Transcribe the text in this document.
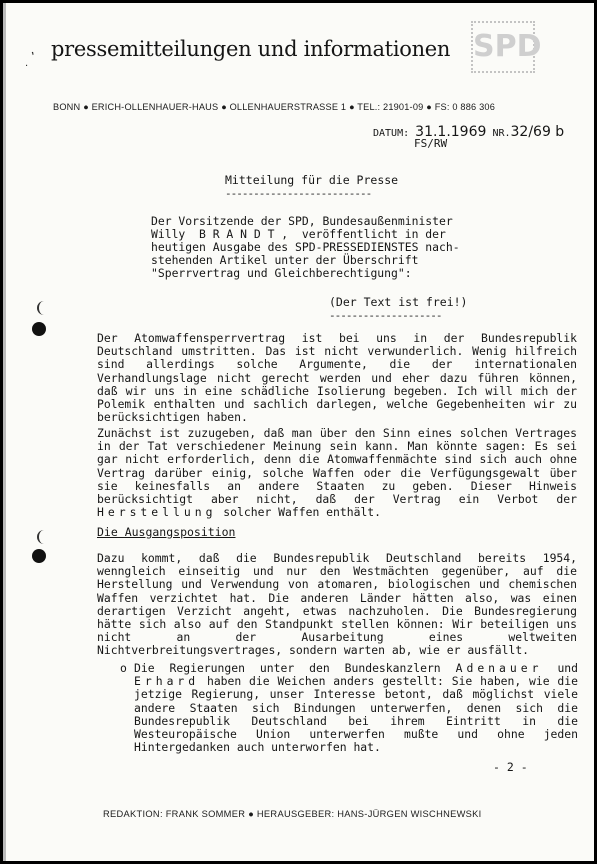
,
·
pressemitteilungen und informationen SPD
BONN ● ERICH-OLLENHAUER-HAUS ● OLLENHAUERSTRASSE 1 ● TEL.: 21901-09 ● FS: 0 886 306
DATUM: 31.1.1969 NR.32/69 b
FS/RW
Mitteilung für die Presse
--------------------------
Der Vorsitzende der SPD, Bundesaußenminister
Willy  B R A N D T ,  veröffentlicht in der
heutigen Ausgabe des SPD-PRESSEDIENSTES nach-
stehenden Artikel unter der Überschrift
"Sperrvertrag und Gleichberechtigung":
(Der Text ist frei!)
--------------------
Der Atomwaffensperrvertrag ist bei uns in der Bundesrepublik Deutschland umstritten. Das ist nicht verwunderlich. Wenig hilfreich sind allerdings solche Argumente, die der internationalen Verhandlungslage nicht gerecht werden und eher dazu führen können, daß wir uns in eine schädliche Isolierung begeben. Ich will mich der Polemik enthalten und sachlich darlegen, welche Gegebenheiten wir zu berücksichtigen haben.
Zunächst ist zuzugeben, daß man über den Sinn eines solchen Vertrages in der Tat verschiedener Meinung sein kann. Man könnte sagen: Es sei gar nicht erforderlich, denn die Atomwaffenmächte sind sich auch ohne Vertrag darüber einig, solche Waffen oder die Verfügungsgewalt über sie keinesfalls an andere Staaten zu geben. Dieser Hinweis berücksichtigt aber nicht, daß der Vertrag ein Verbot der Herstellung solcher Waffen enthält.
Die Ausgangsposition
Dazu kommt, daß die Bundesrepublik Deutschland bereits 1954, wenngleich einseitig und nur den Westmächten gegenüber, auf die Herstellung und Verwendung von atomaren, biologischen und chemischen Waffen verzichtet hat. Die anderen Länder hätten also, was einen derartigen Verzicht angeht, etwas nachzuholen. Die Bundesregierung hätte sich also auf den Standpunkt stellen können: Wir beteiligen uns nicht an der Ausarbeitung eines weltweiten Nichtverbreitungsvertrages, sondern warten ab, wie er ausfällt.
o Die Regierungen unter den Bundeskanzlern Adenauer und Erhard haben die Weichen anders gestellt: Sie haben, wie die jetzige Regierung, unser Interesse betont, daß möglichst viele andere Staaten sich Bindungen unterwerfen, denen sich die Bundesrepublik Deutschland bei ihrem Eintritt in die Westeuropäische Union unterwerfen mußte und ohne jeden Hintergedanken auch unterworfen hat.
- 2 -
REDAKTION: FRANK SOMMER ● HERAUSGEBER: HANS-JÜRGEN WISCHNEWSKI
